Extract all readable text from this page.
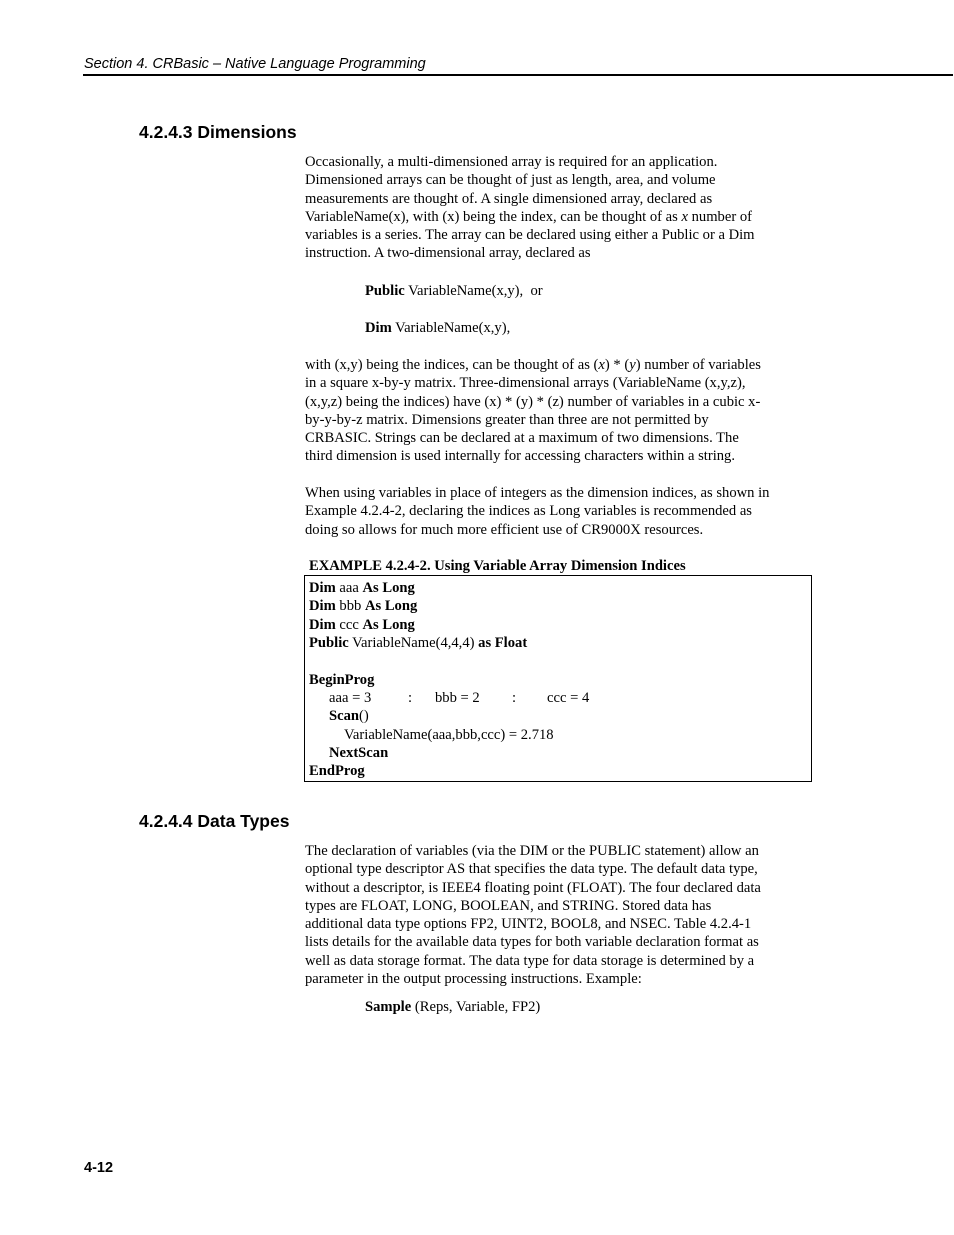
Section 4. CRBasic – Native Language Programming
4.2.4.3 Dimensions
Occasionally, a multi-dimensioned array is required for an application.
Dimensioned arrays can be thought of just as length, area, and volume
measurements are thought of. A single dimensioned array, declared as
VariableName(x), with (x) being the index, can be thought of as x number of
variables is a series. The array can be declared using either a Public or a Dim
instruction. A two-dimensional array, declared as
Public VariableName(x,y),  or
Dim VariableName(x,y),
with (x,y) being the indices, can be thought of as (x) * (y) number of variables
in a square x-by-y matrix. Three-dimensional arrays (VariableName (x,y,z),
(x,y,z) being the indices) have (x) * (y) * (z) number of variables in a cubic x-
by-y-by-z matrix. Dimensions greater than three are not permitted by
CRBASIC. Strings can be declared at a maximum of two dimensions. The
third dimension is used internally for accessing characters within a string.
When using variables in place of integers as the dimension indices, as shown in
Example 4.2.4-2, declaring the indices as Long variables is recommended as
doing so allows for much more efficient use of CR9000X resources.
EXAMPLE 4.2.4-2. Using Variable Array Dimension Indices
Dim aaa As Long
Dim bbb As Long
Dim ccc As Long
Public VariableName(4,4,4) as Float
BeginProg
aaa = 3	: bbb = 2 : ccc = 4
Scan()
VariableName(aaa,bbb,ccc) = 2.718
NextScan
EndProg
4.2.4.4 Data Types
The declaration of variables (via the DIM or the PUBLIC statement) allow an
optional type descriptor AS that specifies the data type. The default data type,
without a descriptor, is IEEE4 floating point (FLOAT). The four declared data
types are FLOAT, LONG, BOOLEAN, and STRING. Stored data has
additional data type options FP2, UINT2, BOOL8, and NSEC. Table 4.2.4-1
lists details for the available data types for both variable declaration format as
well as data storage format. The data type for data storage is determined by a
parameter in the output processing instructions. Example:
Sample (Reps, Variable, FP2)
4-12
